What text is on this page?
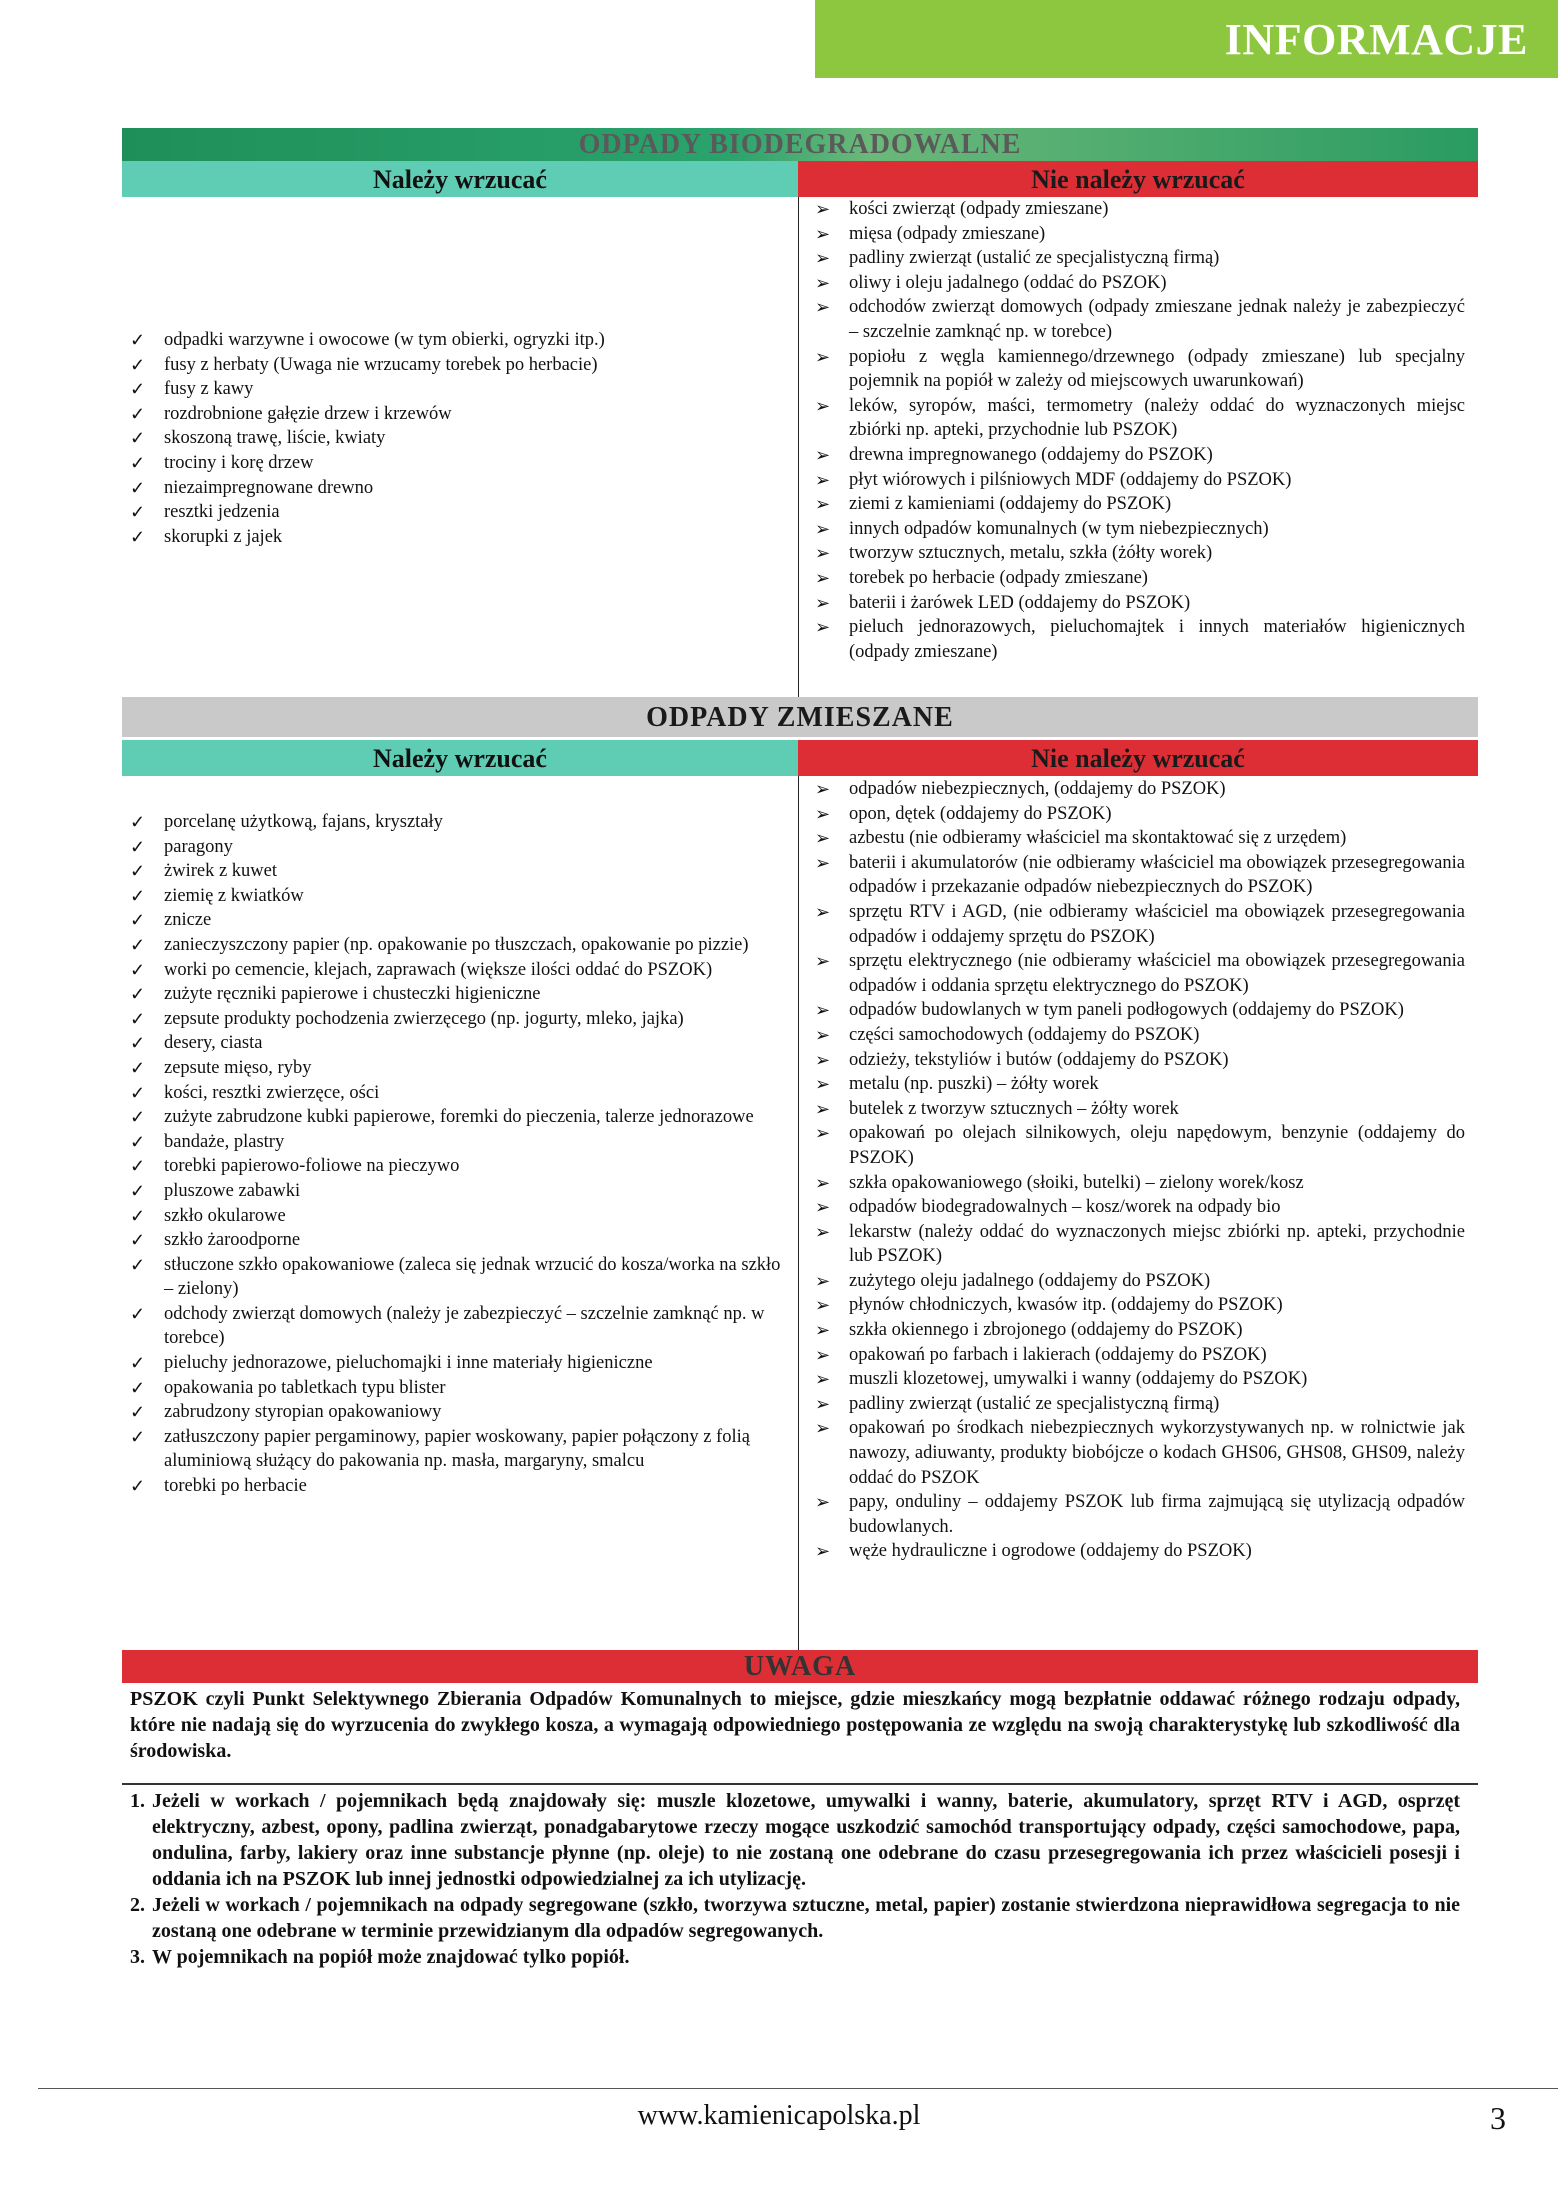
INFORMACJE
ODPADY BIODEGRADOWALNE
Należy wrzucać	Nie należy wrzucać
✓	odpadki warzywne i owocowe (w tym obierki, ogryzki itp.)
✓	fusy z herbaty (Uwaga nie wrzucamy torebek po herbacie)
✓	fusy z kawy
✓	rozdrobnione gałęzie drzew i krzewów
✓	skoszoną trawę, liście, kwiaty
✓	trociny i korę drzew
✓	niezaimpregnowane drewno
✓	resztki jedzenia
✓	skorupki z jajek
➢	kości zwierząt (odpady zmieszane)
➢	mięsa (odpady zmieszane)
➢	padliny zwierząt (ustalić ze specjalistyczną firmą)
➢	oliwy i oleju jadalnego (oddać do PSZOK)
➢	odchodów zwierząt domowych (odpady zmieszane jednak należy je zabezpieczyć – szczelnie zamknąć np. w torebce)
➢	popiołu z węgla kamiennego/drzewnego (odpady zmieszane) lub specjalny pojemnik na popiół w zależy od miejscowych uwarunkowań)
➢	leków, syropów, maści, termometry (należy oddać do wyznaczonych miejsc zbiórki np. apteki, przychodnie lub PSZOK)
➢	drewna impregnowanego (oddajemy do PSZOK)
➢	płyt wiórowych i pilśniowych MDF (oddajemy do PSZOK)
➢	ziemi z kamieniami (oddajemy do PSZOK)
➢	innych odpadów komunalnych (w tym niebezpiecznych)
➢	tworzyw sztucznych, metalu, szkła (żółty worek)
➢	torebek po herbacie (odpady zmieszane)
➢	baterii i żarówek LED (oddajemy do PSZOK)
➢	pieluch jednorazowych, pieluchomajtek i innych materiałów higienicznych (odpady zmieszane)
ODPADY ZMIESZANE
Należy wrzucać	Nie należy wrzucać
✓	porcelanę użytkową, fajans, kryształy
✓	paragony
✓	żwirek z kuwet
✓	ziemię z kwiatków
✓	znicze
✓	zanieczyszczony papier (np. opakowanie po tłuszczach, opakowanie po pizzie)
✓	worki po cemencie, klejach, zaprawach (większe ilości oddać do PSZOK)
✓	zużyte ręczniki papierowe i chusteczki higieniczne
✓	zepsute produkty pochodzenia zwierzęcego (np. jogurty, mleko, jajka)
✓	desery, ciasta
✓	zepsute mięso, ryby
✓	kości, resztki zwierzęce, ości
✓	zużyte zabrudzone kubki papierowe, foremki do pieczenia, talerze jednorazowe
✓	bandaże, plastry
✓	torebki papierowo-foliowe na pieczywo
✓	pluszowe zabawki
✓	szkło okularowe
✓	szkło żaroodporne
✓	stłuczone szkło opakowaniowe (zaleca się jednak wrzucić do kosza/worka na szkło – zielony)
✓	odchody zwierząt domowych (należy je zabezpieczyć – szczelnie zamknąć np. w torebce)
✓	pieluchy jednorazowe, pieluchomajki i inne materiały higieniczne
✓	opakowania po tabletkach typu blister
✓	zabrudzony styropian opakowaniowy
✓	zatłuszczony papier pergaminowy, papier woskowany, papier połączony z folią aluminiową służący do pakowania np. masła, margaryny, smalcu
✓	torebki po herbacie
➢	odpadów niebezpiecznych, (oddajemy do PSZOK)
➢	opon, dętek (oddajemy do PSZOK)
➢	azbestu (nie odbieramy właściciel ma skontaktować się z urzędem)
➢	baterii i akumulatorów (nie odbieramy właściciel ma obowiązek przesegregowania odpadów i przekazanie odpadów niebezpiecznych do PSZOK)
➢	sprzętu RTV i AGD, (nie odbieramy właściciel ma obowiązek przesegregowania odpadów i oddajemy sprzętu do PSZOK)
➢	sprzętu elektrycznego (nie odbieramy właściciel ma obowiązek przesegregowania odpadów i oddania sprzętu elektrycznego do PSZOK)
➢	odpadów budowlanych w tym paneli podłogowych (oddajemy do PSZOK)
➢	części samochodowych (oddajemy do PSZOK)
➢	odzieży, tekstyliów i butów (oddajemy do PSZOK)
➢	metalu (np. puszki) – żółty worek
➢	butelek z tworzyw sztucznych – żółty worek
➢	opakowań po olejach silnikowych, oleju napędowym, benzynie (oddajemy do PSZOK)
➢	szkła opakowaniowego (słoiki, butelki) – zielony worek/kosz
➢	odpadów biodegradowalnych – kosz/worek na odpady bio
➢	lekarstw (należy oddać do wyznaczonych miejsc zbiórki np. apteki, przychodnie lub PSZOK)
➢	zużytego oleju jadalnego (oddajemy do PSZOK)
➢	płynów chłodniczych, kwasów itp. (oddajemy do PSZOK)
➢	szkła okiennego i zbrojonego (oddajemy do PSZOK)
➢	opakowań po farbach i lakierach (oddajemy do PSZOK)
➢	muszli klozetowej, umywalki i wanny (oddajemy do PSZOK)
➢	padliny zwierząt (ustalić ze specjalistyczną firmą)
➢	opakowań po środkach niebezpiecznych wykorzystywanych np. w rolnictwie jak nawozy, adiuwanty, produkty biobójcze o kodach GHS06, GHS08, GHS09, należy oddać do PSZOK
➢	papy, onduliny – oddajemy PSZOK lub firma zajmującą się utylizacją odpadów budowlanych.
➢	węże hydrauliczne i ogrodowe (oddajemy do PSZOK)
UWAGA
PSZOK czyli Punkt Selektywnego Zbierania Odpadów Komunalnych to miejsce, gdzie mieszkańcy mogą bezpłatnie oddawać różnego rodzaju odpady, które nie nadają się do wyrzucenia do zwykłego kosza, a wymagają odpowiedniego postępowania ze względu na swoją charakterystykę lub szkodliwość dla środowiska.
1. Jeżeli w workach / pojemnikach będą znajdowały się: muszle klozetowe, umywalki i wanny, baterie, akumulatory, sprzęt RTV i AGD, osprzęt elektryczny, azbest, opony, padlina zwierząt, ponadgabarytowe rzeczy mogące uszkodzić samochód transportujący odpady, części samochodowe, papa, ondulina, farby, lakiery oraz inne substancje płynne (np. oleje) to nie zostaną one odebrane do czasu przesegregowania ich przez właścicieli posesji i oddania ich na PSZOK lub innej jednostki odpowiedzialnej za ich utylizację.
2. Jeżeli w workach / pojemnikach na odpady segregowane (szkło, tworzywa sztuczne, metal, papier) zostanie stwierdzona nieprawidłowa segregacja to nie zostaną one odebrane w terminie przewidzianym dla odpadów segregowanych.
3. W pojemnikach na popiół może znajdować tylko popiół.
www.kamienicapolska.pl	3
